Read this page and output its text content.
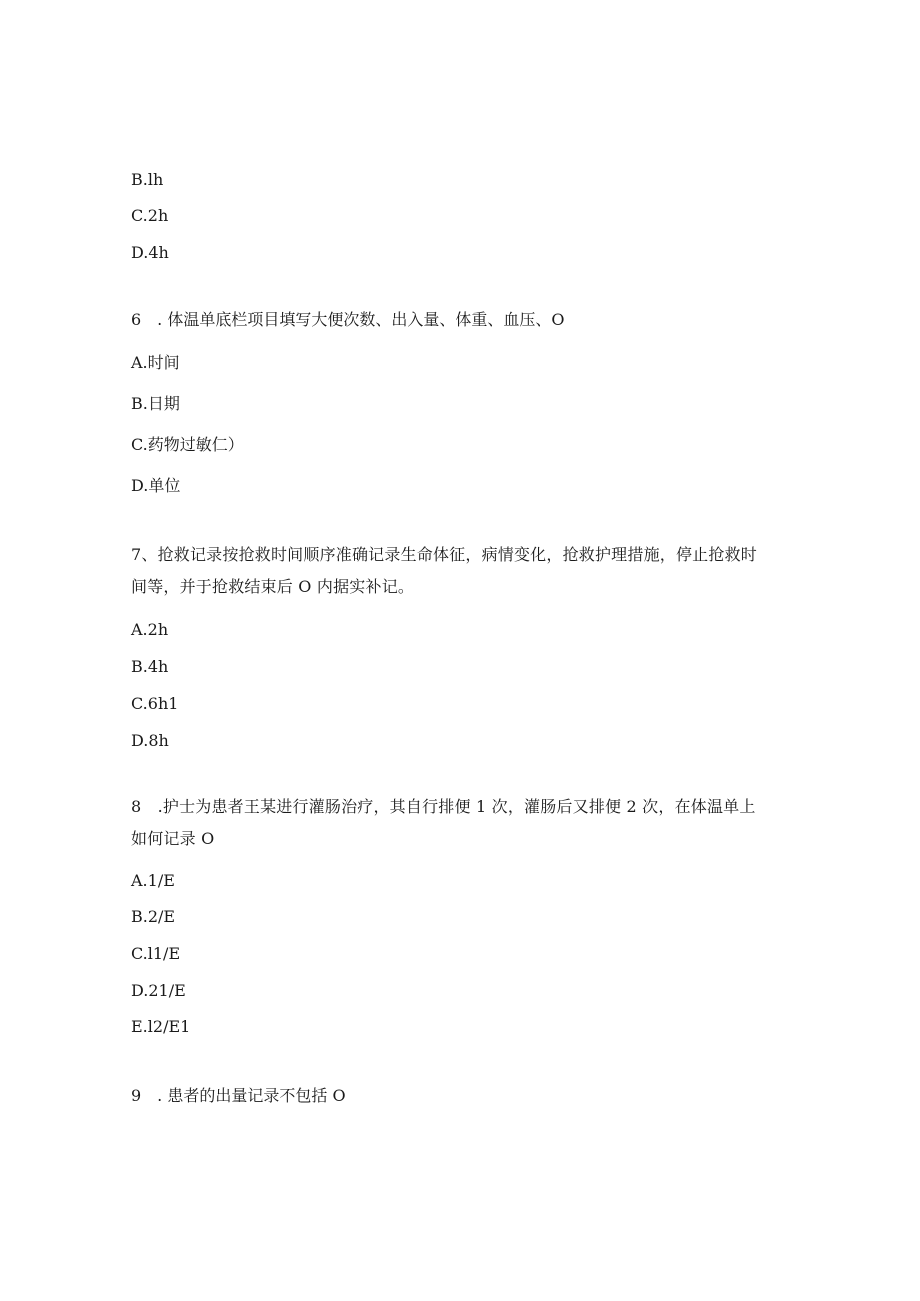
B.lh
C.2h
D.4h
6　. 体温单底栏项目填写大便次数、出入量、体重、血压、O
A.时间
B.日期
C.药物过敏仁）
D.单位
7、抢救记录按抢救时间顺序准确记录生命体征，病情变化，抢救护理措施，停止抢救时间等，并于抢救结束后 O 内据实补记。
A.2h
B.4h
C.6h1
D.8h
8　.护士为患者王某进行灌肠治疗，其自行排便 1 次，灌肠后又排便 2 次，在体温单上如何记录 O
A.1/E
B.2/E
C.l1/E
D.21/E
E.l2∕E1
9　. 患者的出量记录不包括 O
